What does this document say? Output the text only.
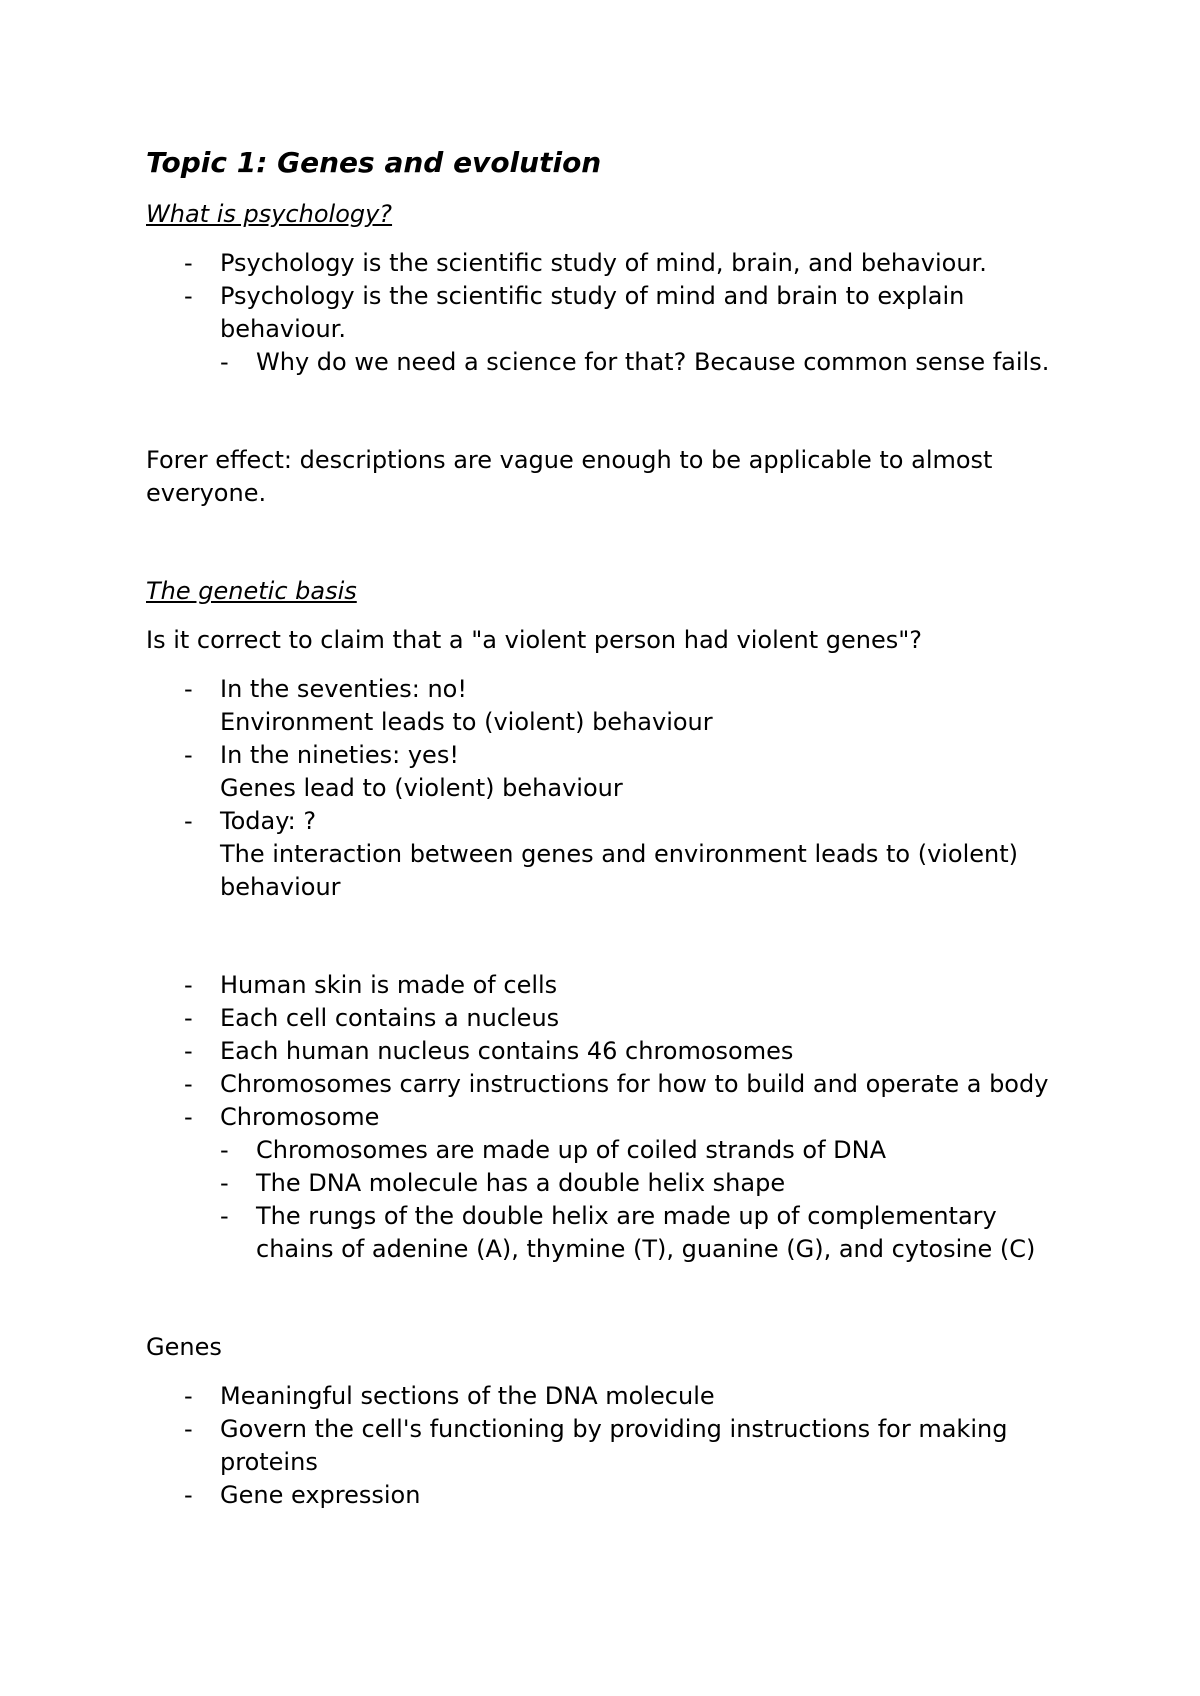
Topic 1: Genes and evolution
What is psychology?
- Psychology is the scientific study of mind, brain, and behaviour.
- Psychology is the scientific study of mind and brain to explain
behaviour.
- Why do we need a science for that? Because common sense fails.
Forer effect: descriptions are vague enough to be applicable to almost
everyone.
The genetic basis
Is it correct to claim that a "a violent person had violent genes"?
- In the seventies: no!
Environment leads to (violent) behaviour
- In the nineties: yes!
Genes lead to (violent) behaviour
- Today: ?
The interaction between genes and environment leads to (violent)
behaviour
- Human skin is made of cells
- Each cell contains a nucleus
- Each human nucleus contains 46 chromosomes
- Chromosomes carry instructions for how to build and operate a body
- Chromosome
- Chromosomes are made up of coiled strands of DNA
- The DNA molecule has a double helix shape
- The rungs of the double helix are made up of complementary
chains of adenine (A), thymine (T), guanine (G), and cytosine (C)
Genes
- Meaningful sections of the DNA molecule
- Govern the cell's functioning by providing instructions for making
proteins
- Gene expression
